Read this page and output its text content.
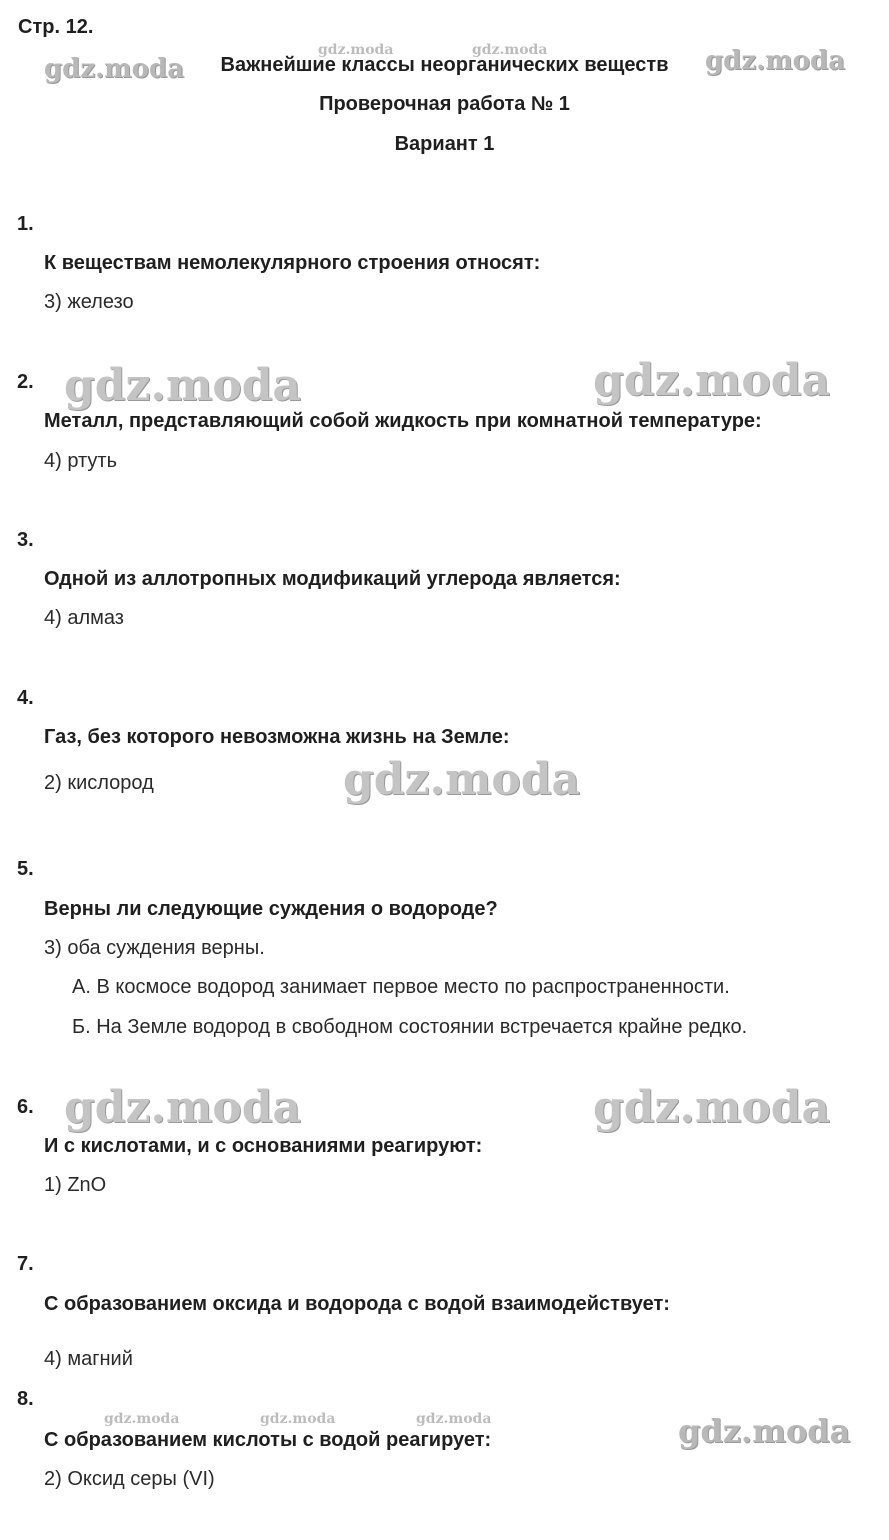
Стр. 12.
Важнейшие классы неорганических веществ
Проверочная работа № 1
Вариант 1
1.
К веществам немолекулярного строения относят:
3) железо
2.
Металл, представляющий собой жидкость при комнатной температуре:
4) ртуть
3.
Одной из аллотропных модификаций углерода является:
4) алмаз
4.
Газ, без которого невозможна жизнь на Земле:
2) кислород
5.
Верны ли следующие суждения о водороде?
3) оба суждения верны.
А. В космосе водород занимает первое место по распространенности.
Б. На Земле водород в свободном состоянии встречается крайне редко.
6.
И с кислотами, и с основаниями реагируют:
1) ZnO
7.
С образованием оксида и водорода с водой взаимодействует:
4) магний
8.
С образованием кислоты с водой реагирует:
2) Оксид серы (VI)
gdz.moda
gdz.moda	gdz.moda	gdz.moda
gdz.moda	gdz.moda
gdz.moda
gdz.moda	gdz.moda
gdz.moda	gdz.moda	gdz.moda	gdz.moda
